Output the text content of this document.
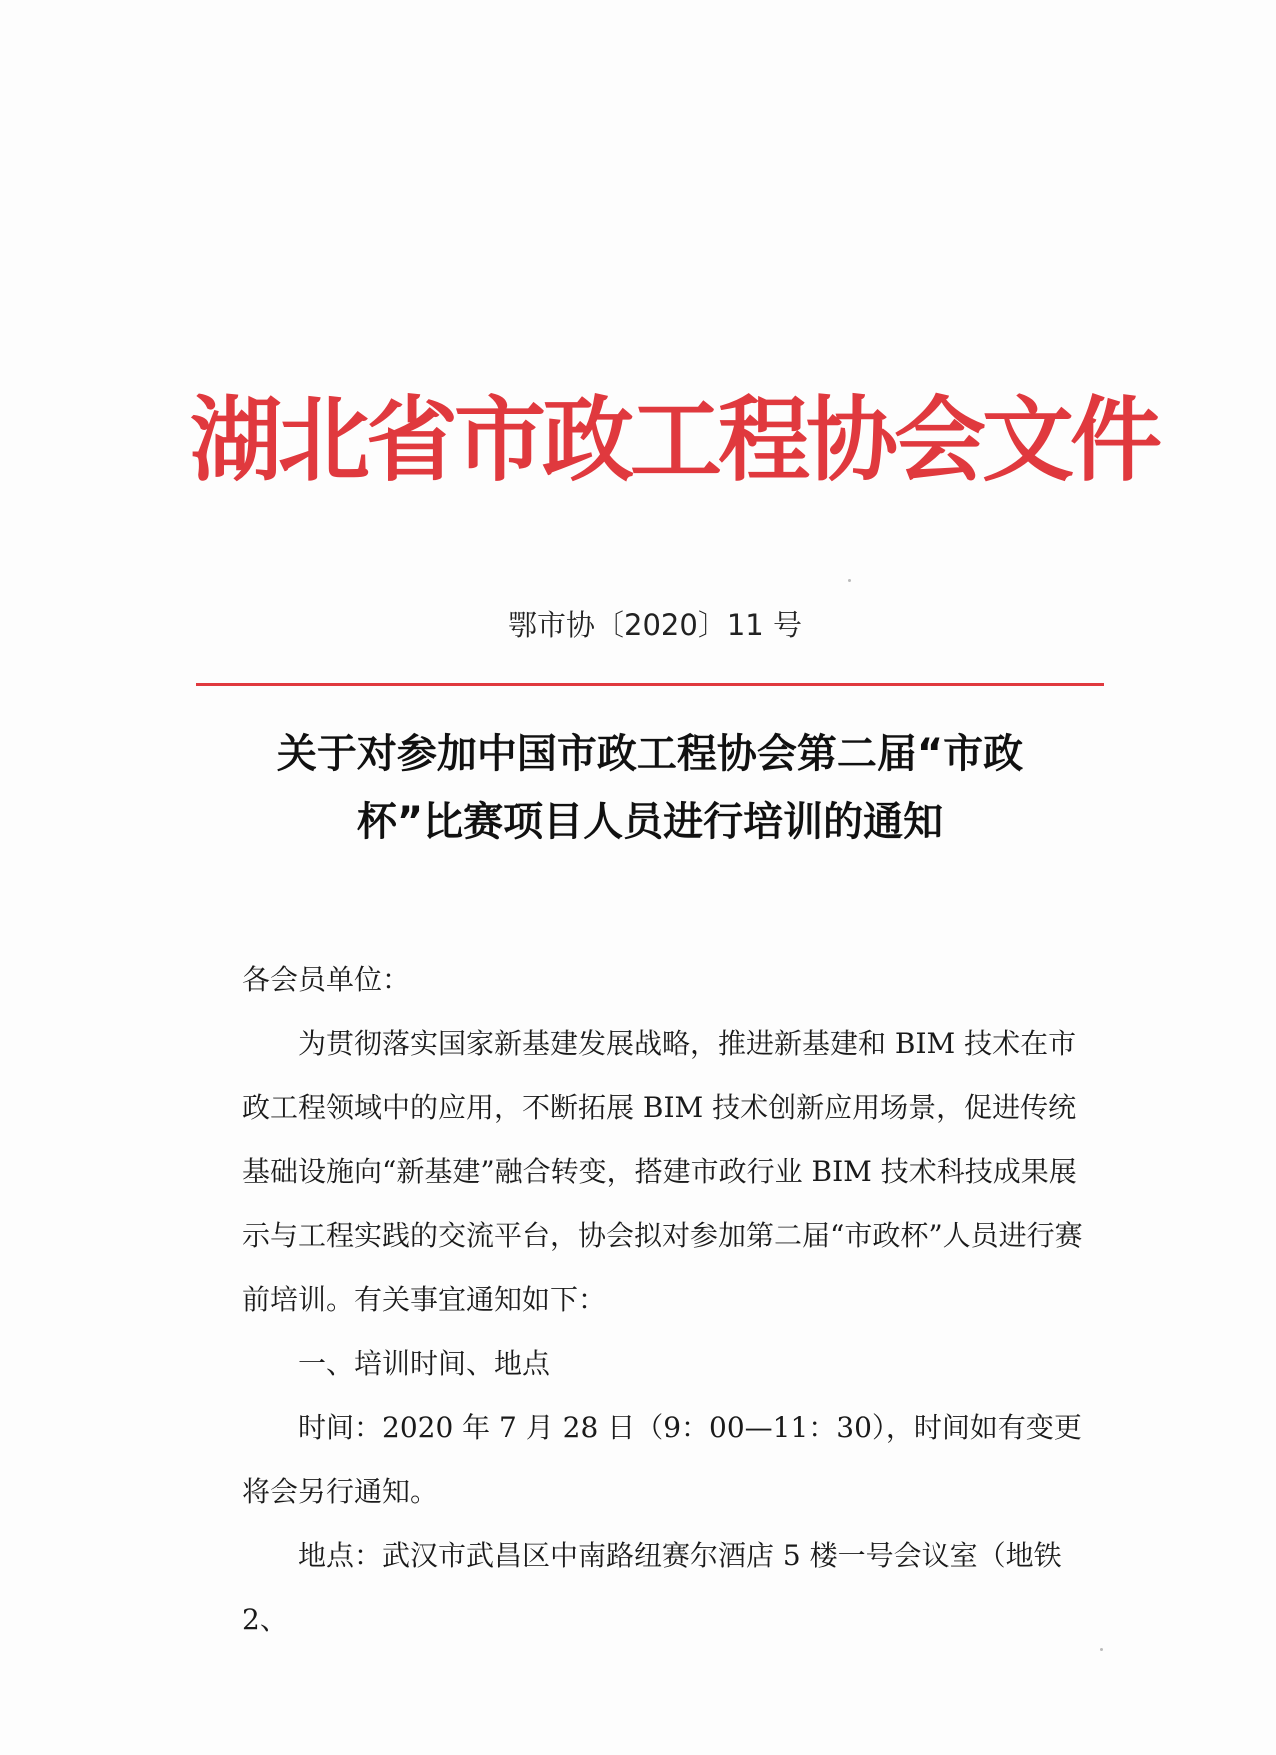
湖北省市政工程协会文件
鄂市协〔2020〕11 号
关于对参加中国市政工程协会第二届“市政
杯”比赛项目人员进行培训的通知

各会员单位：

为贯彻落实国家新基建发展战略，推进新基建和 BIM 技术在市政工程领域中的应用，不断拓展 BIM 技术创新应用场景，促进传统基础设施向“新基建”融合转变，搭建市政行业 BIM 技术科技成果展示与工程实践的交流平台，协会拟对参加第二届“市政杯”人员进行赛前培训。有关事宜通知如下：

一、培训时间、地点

时间：2020 年 7 月 28 日（9：00—11：30），时间如有变更将会另行通知。

地点：武汉市武昌区中南路纽赛尔酒店 5 楼一号会议室（地铁 2、
